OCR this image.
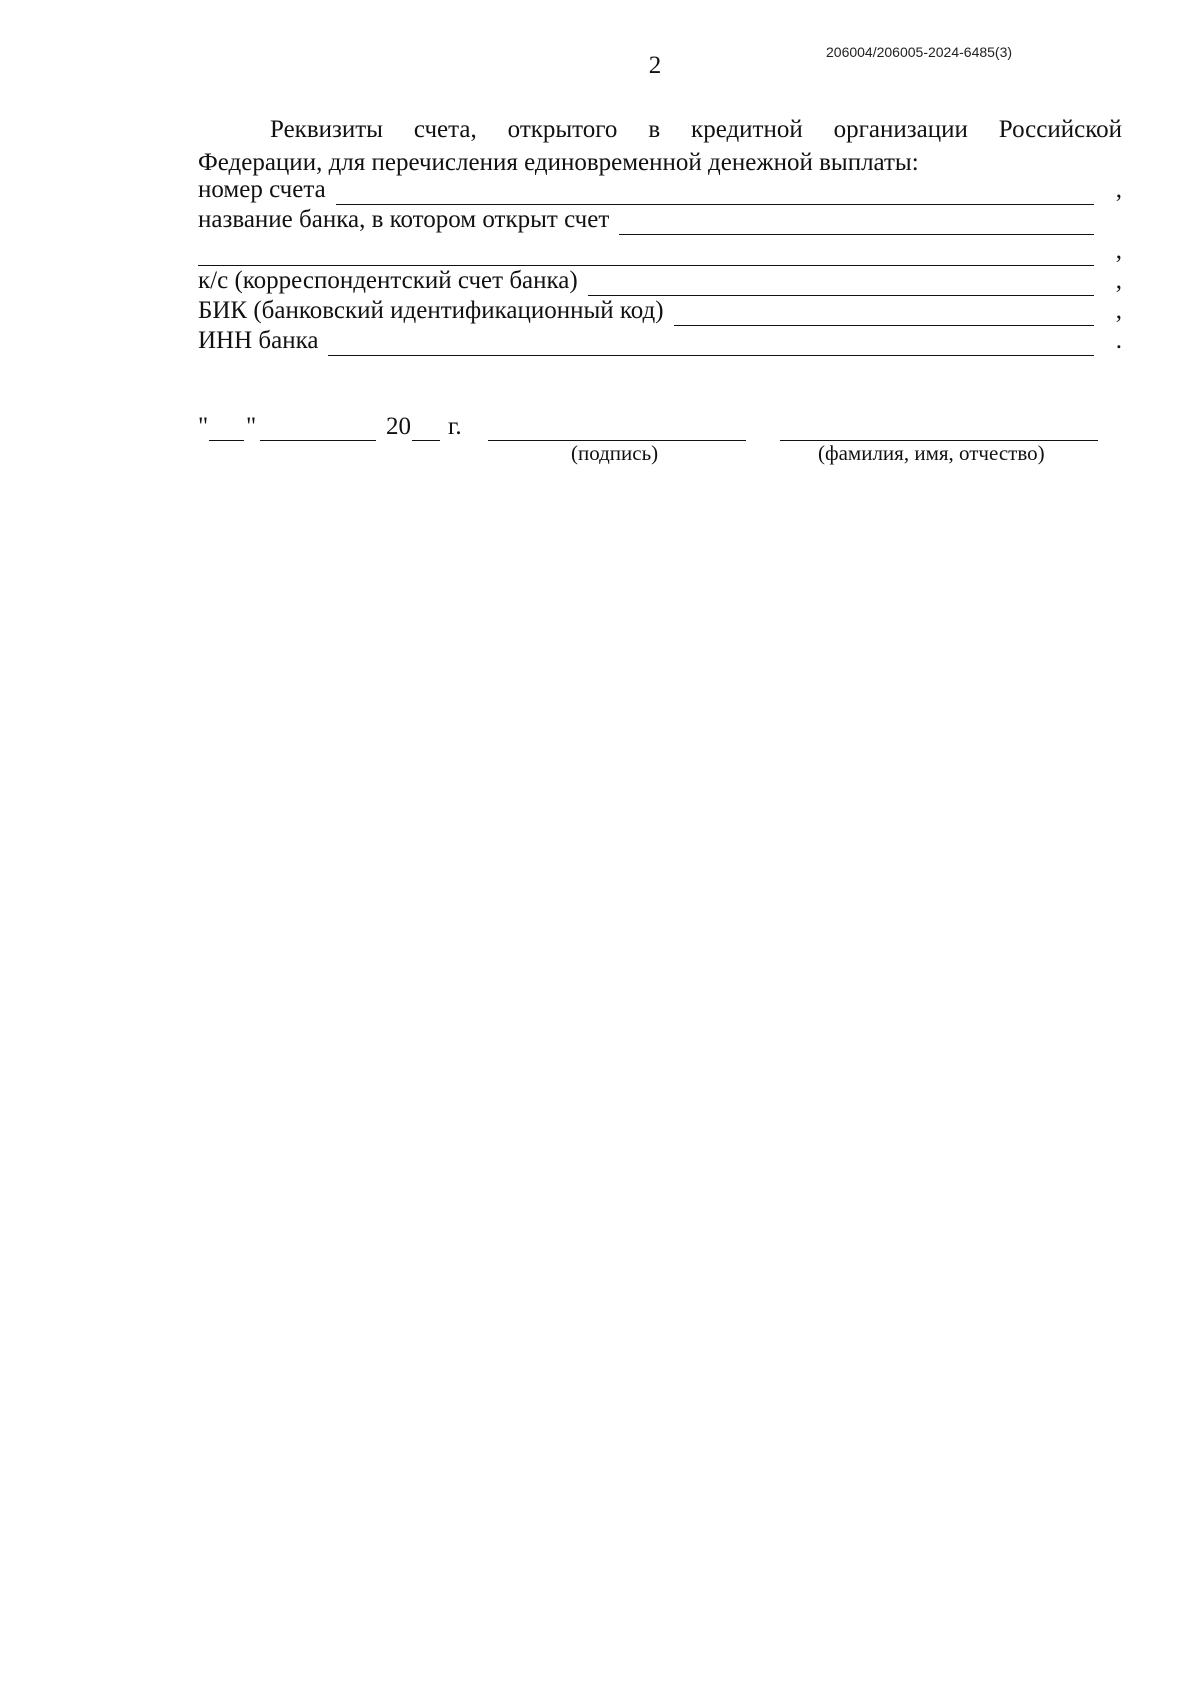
206004/206005-2024-6485(3)
2
Реквизиты счета, открытого в кредитной организации Российской
Федерации, для перечисления единовременной денежной выплаты:
номер счета	,
название банка, в котором открыт счет
,
к/с (корреспондентский счет банка)	,
БИК (банковский идентификационный код)	,
ИНН банка	.
" "	20 г.
(подпись)	(фамилия, имя, отчество)
